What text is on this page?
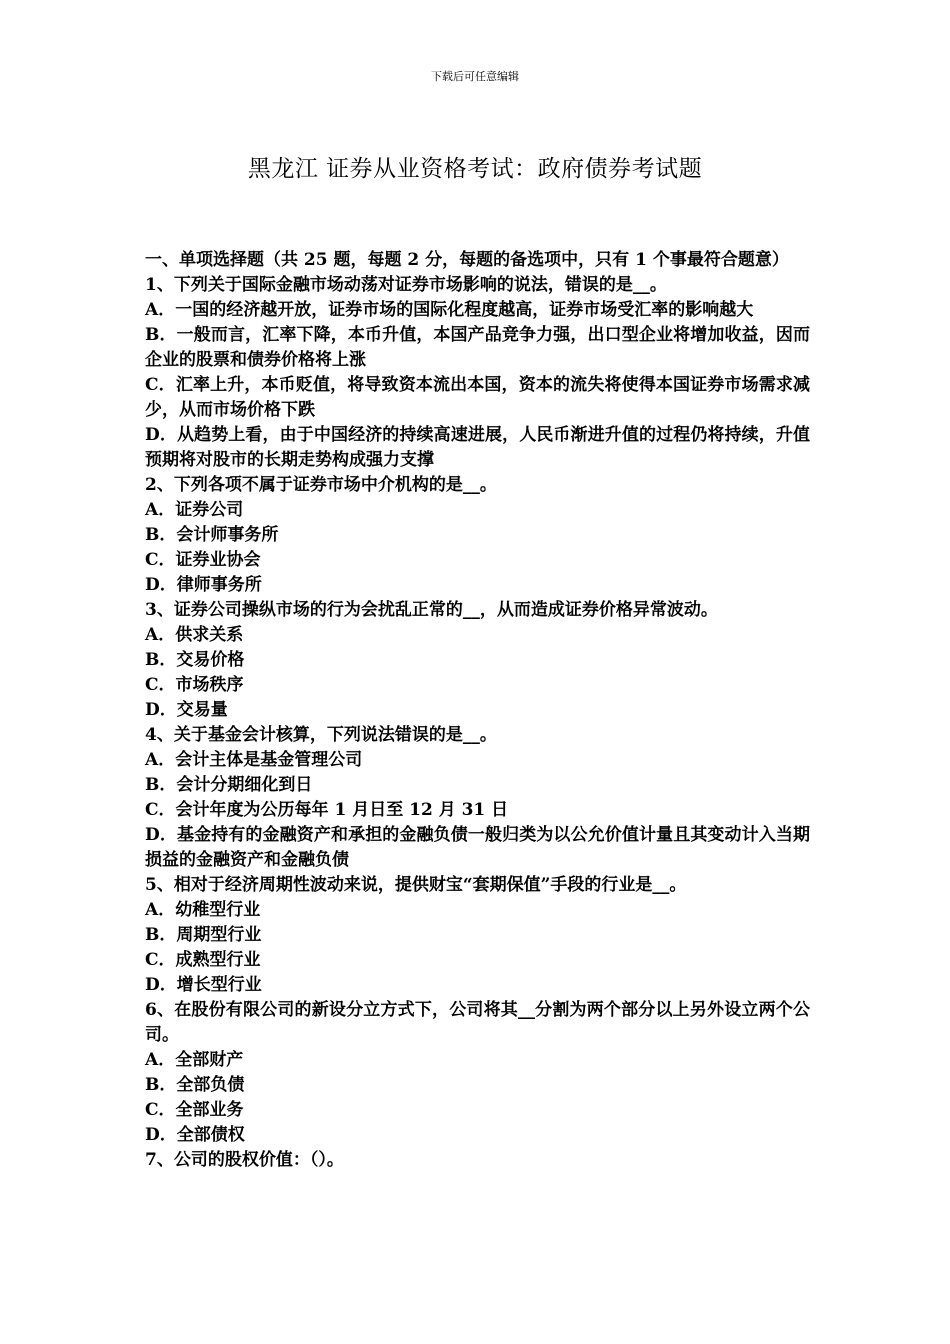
下载后可任意编辑
黑龙江 证券从业资格考试：政府债券考试题

一、单项选择题（共 25 题，每题 2 分，每题的备选项中，只有 1 个事最符合题意）

1、下列关于国际金融市场动荡对证券市场影响的说法，错误的是__。

A．一国的经济越开放，证券市场的国际化程度越高，证券市场受汇率的影响越大

B．一般而言，汇率下降，本币升值，本国产品竞争力强，出口型企业将增加收益，因而企业的股票和债券价格将上涨

C．汇率上升，本币贬值，将导致资本流出本国，资本的流失将使得本国证券市场需求减少，从而市场价格下跌

D．从趋势上看，由于中国经济的持续高速进展，人民币渐进升值的过程仍将持续，升值预期将对股市的长期走势构成强力支撑

2、下列各项不属于证券市场中介机构的是__。

A．证券公司

B．会计师事务所

C．证券业协会

D．律师事务所

3、证券公司操纵市场的行为会扰乱正常的__，从而造成证券价格异常波动。

A．供求关系

B．交易价格

C．市场秩序

D．交易量

4、关于基金会计核算，下列说法错误的是__。

A．会计主体是基金管理公司

B．会计分期细化到日

C．会计年度为公历每年 1 月日至 12 月 31 日

D．基金持有的金融资产和承担的金融负债一般归类为以公允价值计量且其变动计入当期损益的金融资产和金融负债

5、相对于经济周期性波动来说，提供财宝“套期保值”手段的行业是__。

A．幼稚型行业

B．周期型行业

C．成熟型行业

D．增长型行业

6、在股份有限公司的新设分立方式下，公司将其__分割为两个部分以上另外设立两个公司。

A．全部财产

B．全部负债

C．全部业务

D．全部债权

7、公司的股权价值：（）。
